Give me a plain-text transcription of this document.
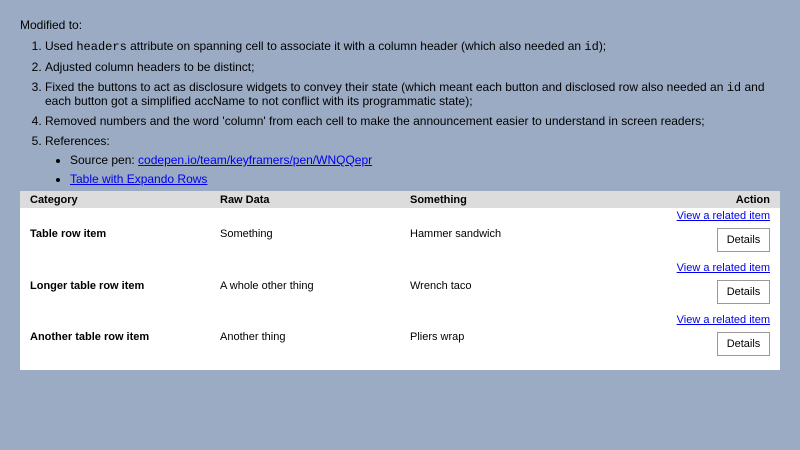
Modified to:

1. Used headers attribute on spanning cell to associate it with a column header (which also needed an id);
2. Adjusted column headers to be distinct;
3. Fixed the buttons to act as disclosure widgets to convey their state (which meant each button and disclosed row also needed an id and each button got a simplified accName to not conflict with its programmatic state);
4. Removed numbers and the word 'column' from each cell to make the announcement easier to understand in screen readers;
5. References:
• Source pen: codepen.io/team/keyframers/pen/WNQQepr
• Table with Expando Rows
Category	Raw Data	Something	Action
Table row item	Something	Hammer sandwich	View a related item
Details
Longer table row item	A whole other thing	Wrench taco	View a related item
Details
Another table row item	Another thing	Pliers wrap	View a related item
Details
